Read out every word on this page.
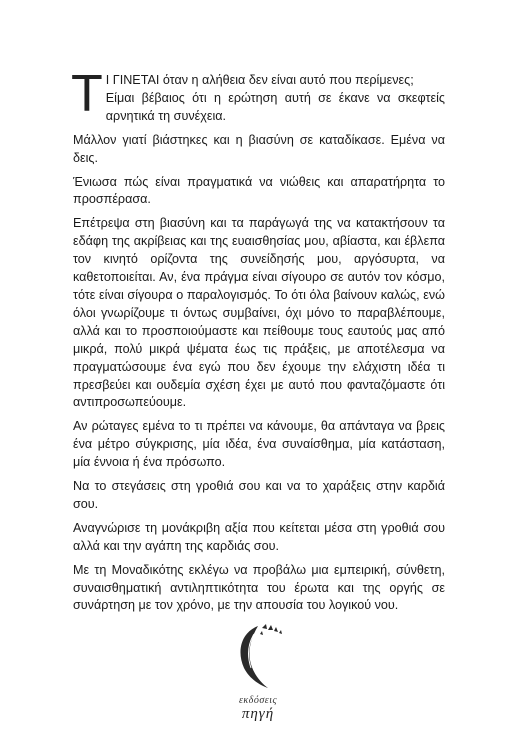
Τ Ι ΓΙΝΕΤΑΙ όταν η αλήθεια δεν είναι αυτό που περίμενες;
Είμαι βέβαιος ότι η ερώτηση αυτή σε έκανε να σκεφτείς αρνητικά τη συνέχεια.

Μάλλον γιατί βιάστηκες και η βιασύνη σε καταδίκασε. Εμένα να δεις.

Ένιωσα πώς είναι πραγματικά να νιώθεις και απαρατήρητα το προσπέρασα.

Επέτρεψα στη βιασύνη και τα παράγωγά της να κατακτήσουν τα εδάφη της ακρίβειας και της ευαισθησίας μου, αβίαστα, και έβλεπα τον κινητό ορίζοντα της συνείδησής μου, αργόσυρτα, να καθετοποιείται. Αν, ένα πράγμα είναι σίγουρο σε αυτόν τον κόσμο, τότε είναι σίγουρα ο παραλογισμός. Το ότι όλα βαίνουν καλώς, ενώ όλοι γνωρίζουμε τι όντως συμβαίνει, όχι μόνο το παραβλέπουμε, αλλά και το προσποιούμαστε και πείθουμε τους εαυτούς μας από μικρά, πολύ μικρά ψέματα έως τις πράξεις, με αποτέλεσμα να πραγματώσουμε ένα εγώ που δεν έχουμε την ελάχιστη ιδέα τι πρεσβεύει και ουδεμία σχέση έχει με αυτό που φανταζόμαστε ότι αντιπροσωπεύουμε.

Αν ρώταγες εμένα το τι πρέπει να κάνουμε, θα απάνταγα να βρεις ένα μέτρο σύγκρισης, μία ιδέα, ένα συναίσθημα, μία κατάσταση, μία έννοια ή ένα πρόσωπο.

Να το στεγάσεις στη γροθιά σου και να το χαράξεις στην καρδιά σου.

Αναγνώρισε τη μονάκριβη αξία που κείτεται μέσα στη γροθιά σου αλλά και την αγάπη της καρδιάς σου.

Με τη Μοναδικότης εκλέγω να προβάλω μια εμπειρική, σύνθετη, συναισθηματική αντιληπτικότητα του έρωτα και της οργής σε συνάρτηση με τον χρόνο, με την απουσία του λογικού νου.

εκδόσεις
πηγή
